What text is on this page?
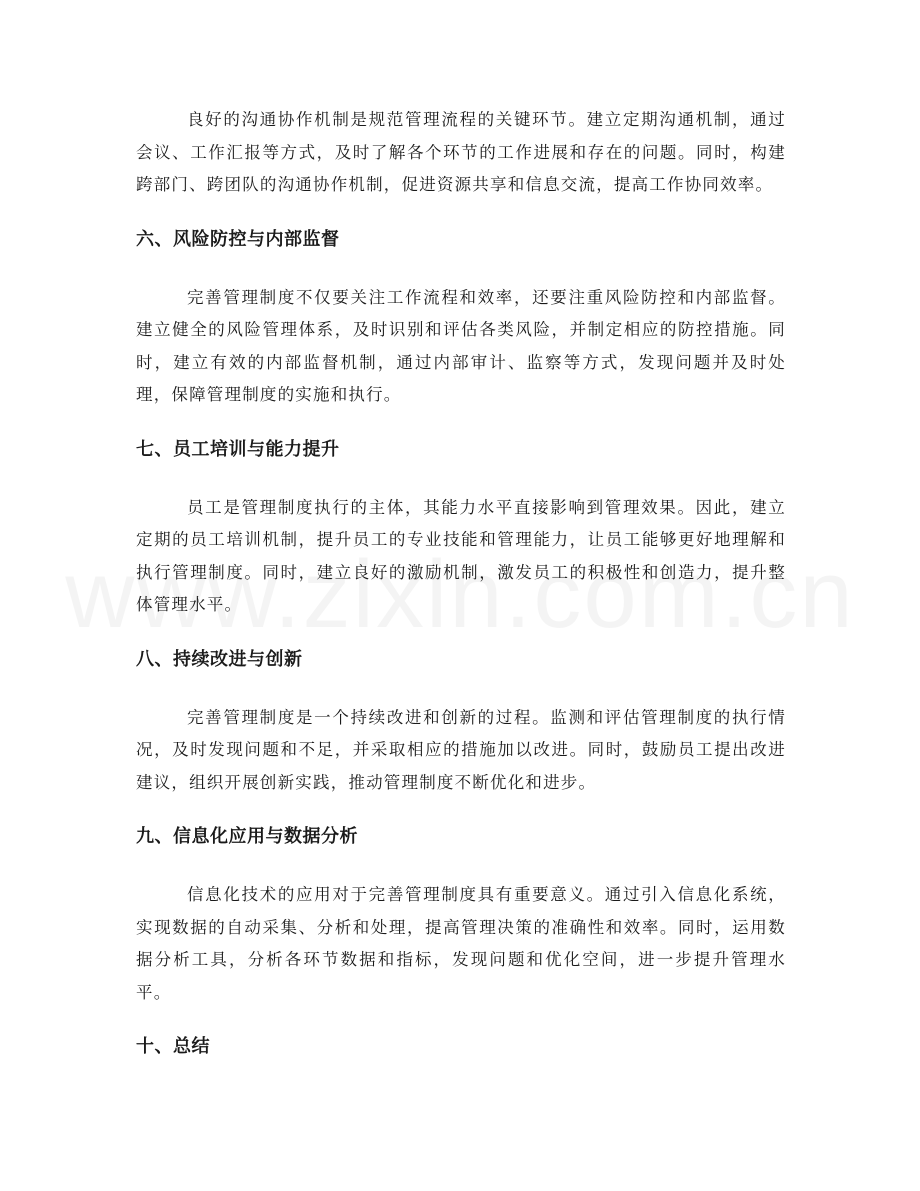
良好的沟通协作机制是规范管理流程的关键环节。建立定期沟通机制，通过会议、工作汇报等方式，及时了解各个环节的工作进展和存在的问题。同时，构建跨部门、跨团队的沟通协作机制，促进资源共享和信息交流，提高工作协同效率。

六、风险防控与内部监督

完善管理制度不仅要关注工作流程和效率，还要注重风险防控和内部监督。建立健全的风险管理体系，及时识别和评估各类风险，并制定相应的防控措施。同时，建立有效的内部监督机制，通过内部审计、监察等方式，发现问题并及时处理，保障管理制度的实施和执行。

七、员工培训与能力提升

员工是管理制度执行的主体，其能力水平直接影响到管理效果。因此，建立定期的员工培训机制，提升员工的专业技能和管理能力，让员工能够更好地理解和执行管理制度。同时，建立良好的激励机制，激发员工的积极性和创造力，提升整体管理水平。

八、持续改进与创新

完善管理制度是一个持续改进和创新的过程。监测和评估管理制度的执行情况，及时发现问题和不足，并采取相应的措施加以改进。同时，鼓励员工提出改进建议，组织开展创新实践，推动管理制度不断优化和进步。

九、信息化应用与数据分析

信息化技术的应用对于完善管理制度具有重要意义。通过引入信息化系统，实现数据的自动采集、分析和处理，提高管理决策的准确性和效率。同时，运用数据分析工具，分析各环节数据和指标，发现问题和优化空间，进一步提升管理水平。

十、总结
